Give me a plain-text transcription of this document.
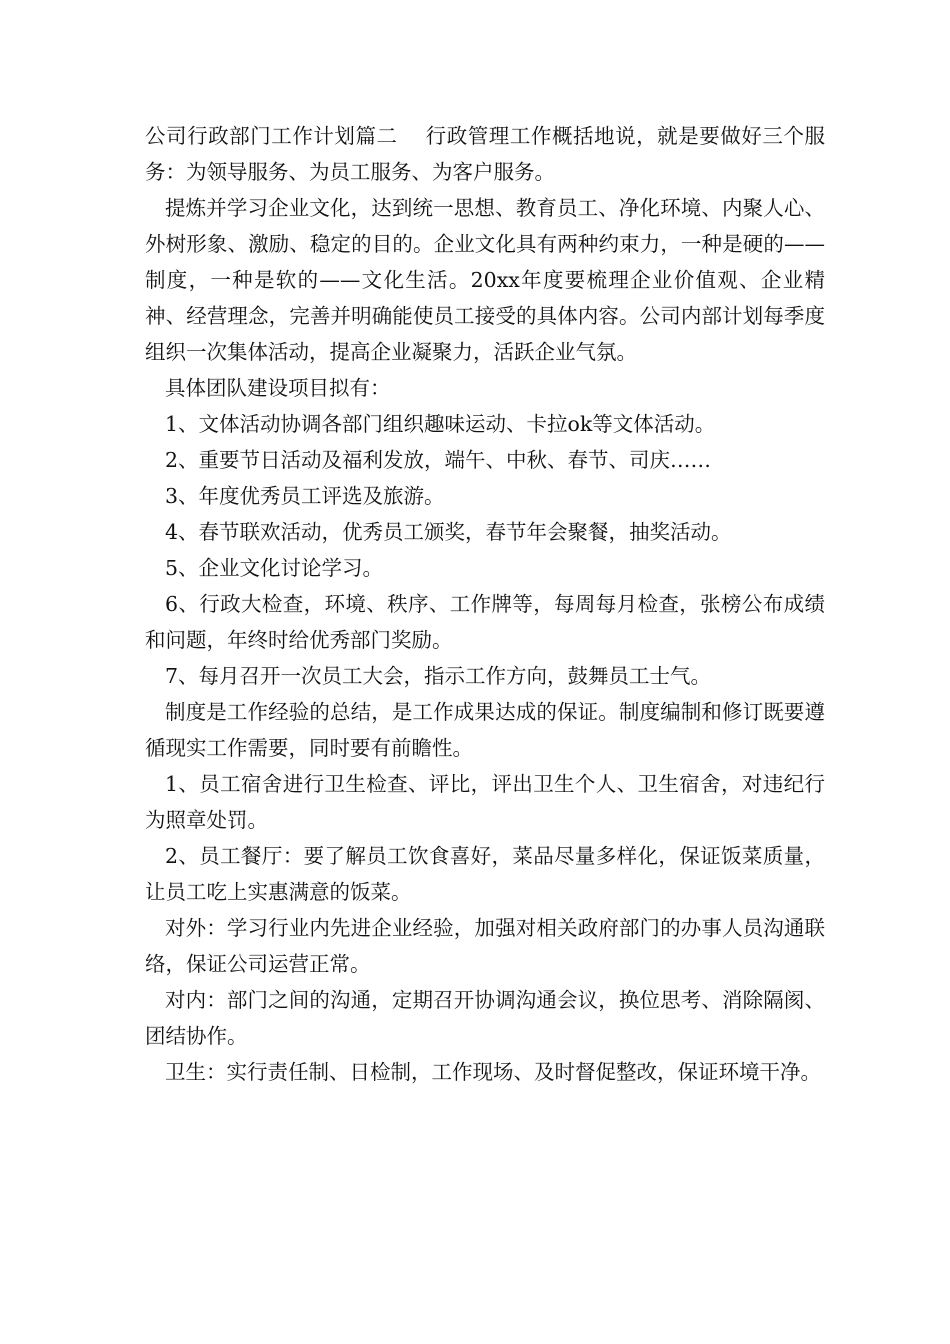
公司行政部门工作计划篇二　 行政管理工作概括地说，就是要做好三个服务：为领导服务、为员工服务、为客户服务。

提炼并学习企业文化，达到统一思想、教育员工、净化环境、内聚人心、外树形象、激励、稳定的目的。企业文化具有两种约束力，一种是硬的——制度，一种是软的——文化生活。20xx年度要梳理企业价值观、企业精神、经营理念，完善并明确能使员工接受的具体内容。公司内部计划每季度组织一次集体活动，提高企业凝聚力，活跃企业气氛。

具体团队建设项目拟有：

1、文体活动协调各部门组织趣味运动、卡拉ok等文体活动。

2、重要节日活动及福利发放，端午、中秋、春节、司庆……

3、年度优秀员工评选及旅游。

4、春节联欢活动，优秀员工颁奖，春节年会聚餐，抽奖活动。

5、企业文化讨论学习。

6、行政大检查，环境、秩序、工作牌等，每周每月检查，张榜公布成绩和问题，年终时给优秀部门奖励。

7、每月召开一次员工大会，指示工作方向，鼓舞员工士气。

制度是工作经验的总结，是工作成果达成的保证。制度编制和修订既要遵循现实工作需要，同时要有前瞻性。

1、员工宿舍进行卫生检查、评比，评出卫生个人、卫生宿舍，对违纪行为照章处罚。

2、员工餐厅：要了解员工饮食喜好，菜品尽量多样化，保证饭菜质量，让员工吃上实惠满意的饭菜。

对外：学习行业内先进企业经验，加强对相关政府部门的办事人员沟通联络，保证公司运营正常。

对内：部门之间的沟通，定期召开协调沟通会议，换位思考、消除隔阂、团结协作。

卫生：实行责任制、日检制，工作现场、及时督促整改，保证环境干净。
